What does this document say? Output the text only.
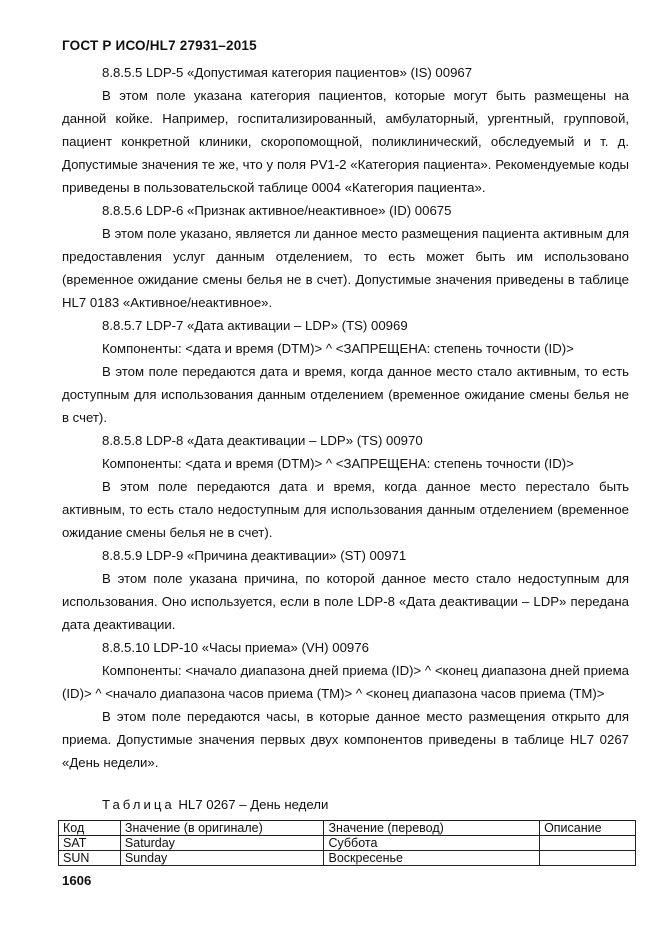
ГОСТ Р ИСО/HL7 27931–2015

8.8.5.5 LDP-5 «Допустимая категория пациентов» (IS) 00967

В этом поле указана категория пациентов, которые могут быть размещены на данной койке. Например, госпитализированный, амбулаторный, ургентный, групповой, пациент конкретной клиники, скоропомощной, поликлинический, обследуемый и т. д. Допустимые значения те же, что у поля PV1-2 «Категория пациента». Рекомендуемые коды приведены в пользовательской таблице 0004 «Категория пациента».

8.8.5.6 LDP-6 «Признак активное/неактивное» (ID) 00675

В этом поле указано, является ли данное место размещения пациента активным для предоставления услуг данным отделением, то есть может быть им использовано (временное ожидание смены белья не в счет). Допустимые значения приведены в таблице HL7 0183 «Активное/неактивное».

8.8.5.7 LDP-7 «Дата активации – LDP» (TS) 00969

Компоненты: <дата и время (DTM)> ^ <ЗАПРЕЩЕНА: степень точности (ID)>

В этом поле передаются дата и время, когда данное место стало активным, то есть доступным для использования данным отделением (временное ожидание смены белья не в счет).

8.8.5.8 LDP-8 «Дата деактивации – LDP» (TS) 00970

Компоненты: <дата и время (DTM)> ^ <ЗАПРЕЩЕНА: степень точности (ID)>

В этом поле передаются дата и время, когда данное место перестало быть активным, то есть стало недоступным для использования данным отделением (временное ожидание смены белья не в счет).

8.8.5.9 LDP-9 «Причина деактивации» (ST) 00971

В этом поле указана причина, по которой данное место стало недоступным для использования. Оно используется, если в поле LDP-8 «Дата деактивации – LDP» передана дата деактивации.

8.8.5.10 LDP-10 «Часы приема» (VH) 00976

Компоненты: <начало диапазона дней приема (ID)> ^ <конец диапазона дней приема (ID)> ^ <начало диапазона часов приема (TM)> ^ <конец диапазона часов приема (TM)>

В этом поле передаются часы, в которые данное место размещения открыто для приема. Допустимые значения первых двух компонентов приведены в таблице HL7 0267 «День недели».

Таблица HL7 0267 – День недели
Код	Значение (в оригинале)	Значение (перевод)	Описание
SAT	Saturday	Суббота	
SUN	Sunday	Воскресенье	
1606
